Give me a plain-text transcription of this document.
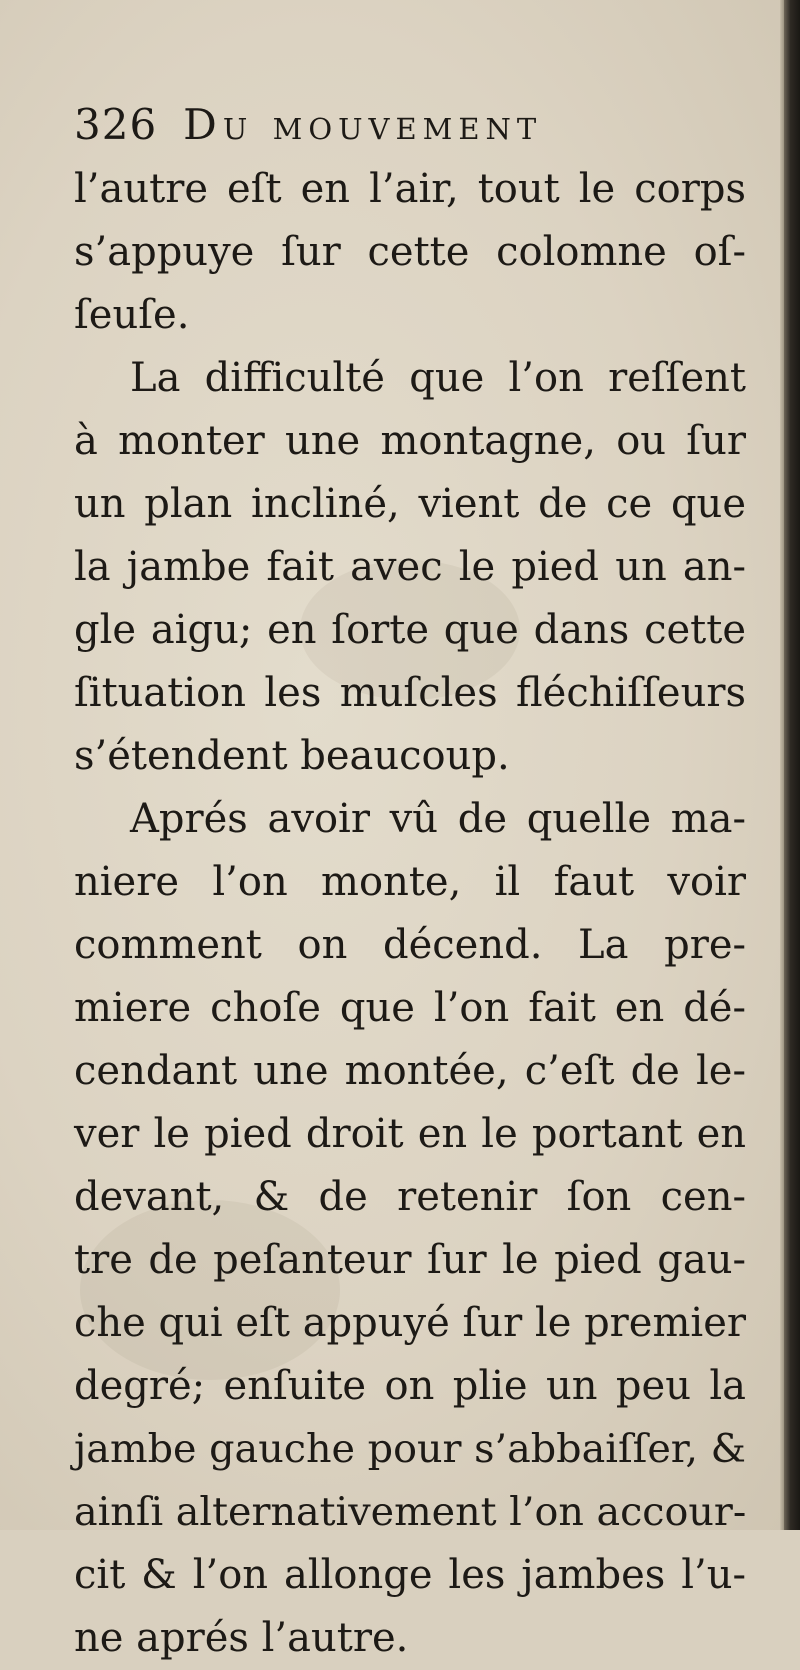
326 Du mouvement
l’autre eſt en l’air, tout le corps
s’appuye ſur cette colomne oſ-
ſeuſe.
La difficulté que l’on reſſent
à monter une montagne, ou ſur
un plan incliné, vient de ce que
la jambe fait avec le pied un an-
gle aigu; en ſorte que dans cette
ſituation les muſcles fléchiſſeurs
s’étendent beaucoup.
Aprés avoir vû de quelle ma-
niere l’on monte, il faut voir
comment on décend. La pre-
miere choſe que l’on fait en dé-
cendant une montée, c’eſt de le-
ver le pied droit en le portant en
devant, & de retenir ſon cen-
tre de peſanteur ſur le pied gau-
che qui eſt appuyé ſur le premier
degré; enſuite on plie un peu la
jambe gauche pour s’abbaiſſer, &
ainſi alternativement l’on accour-
cit & l’on allonge les jambes l’u-
ne aprés l’autre.
